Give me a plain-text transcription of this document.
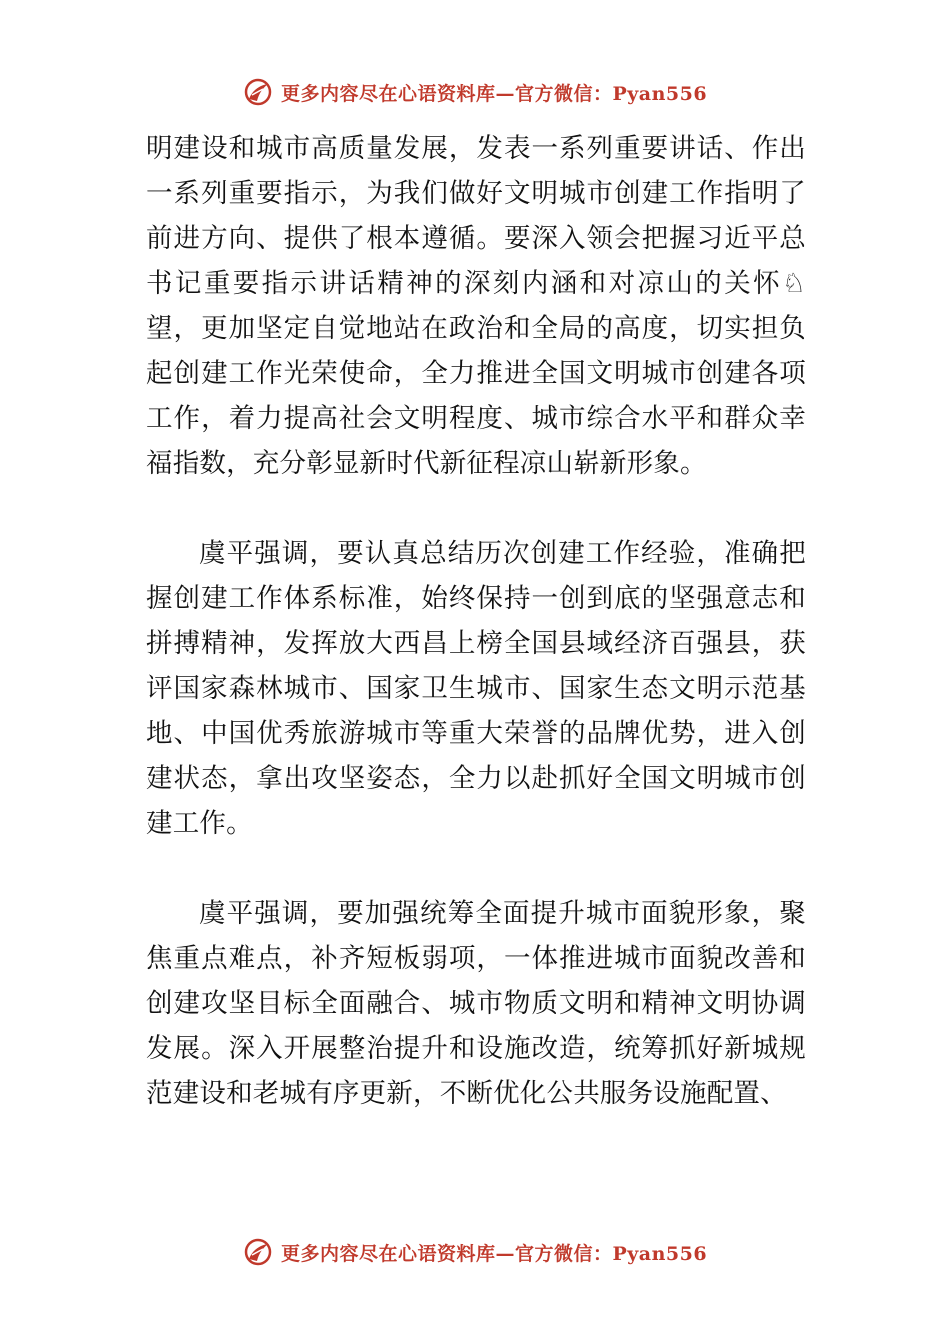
更多内容尽在心语资料库—官方微信：Pyan556

明建设和城市高质量发展，发表一系列重要讲话、作出一系列重要指示，为我们做好文明城市创建工作指明了前进方向、提供了根本遵循。要深入领会把握习近平总书记重要指示讲话精神的深刻内涵和对凉山的关怀♘望，更加坚定自觉地站在政治和全局的高度，切实担负起创建工作光荣使命，全力推进全国文明城市创建各项工作，着力提高社会文明程度、城市综合水平和群众幸福指数，充分彰显新时代新征程凉山崭新形象。

虞平强调，要认真总结历次创建工作经验，准确把握创建工作体系标准，始终保持一创到底的坚强意志和拼搏精神，发挥放大西昌上榜全国县域经济百强县，获评国家森林城市、国家卫生城市、国家生态文明示范基地、中国优秀旅游城市等重大荣誉的品牌优势，进入创建状态，拿出攻坚姿态，全力以赴抓好全国文明城市创建工作。

虞平强调，要加强统筹全面提升城市面貌形象，聚焦重点难点，补齐短板弱项，一体推进城市面貌改善和创建攻坚目标全面融合、城市物质文明和精神文明协调发展。深入开展整治提升和设施改造，统筹抓好新城规范建设和老城有序更新，不断优化公共服务设施配置、

更多内容尽在心语资料库—官方微信：Pyan556
